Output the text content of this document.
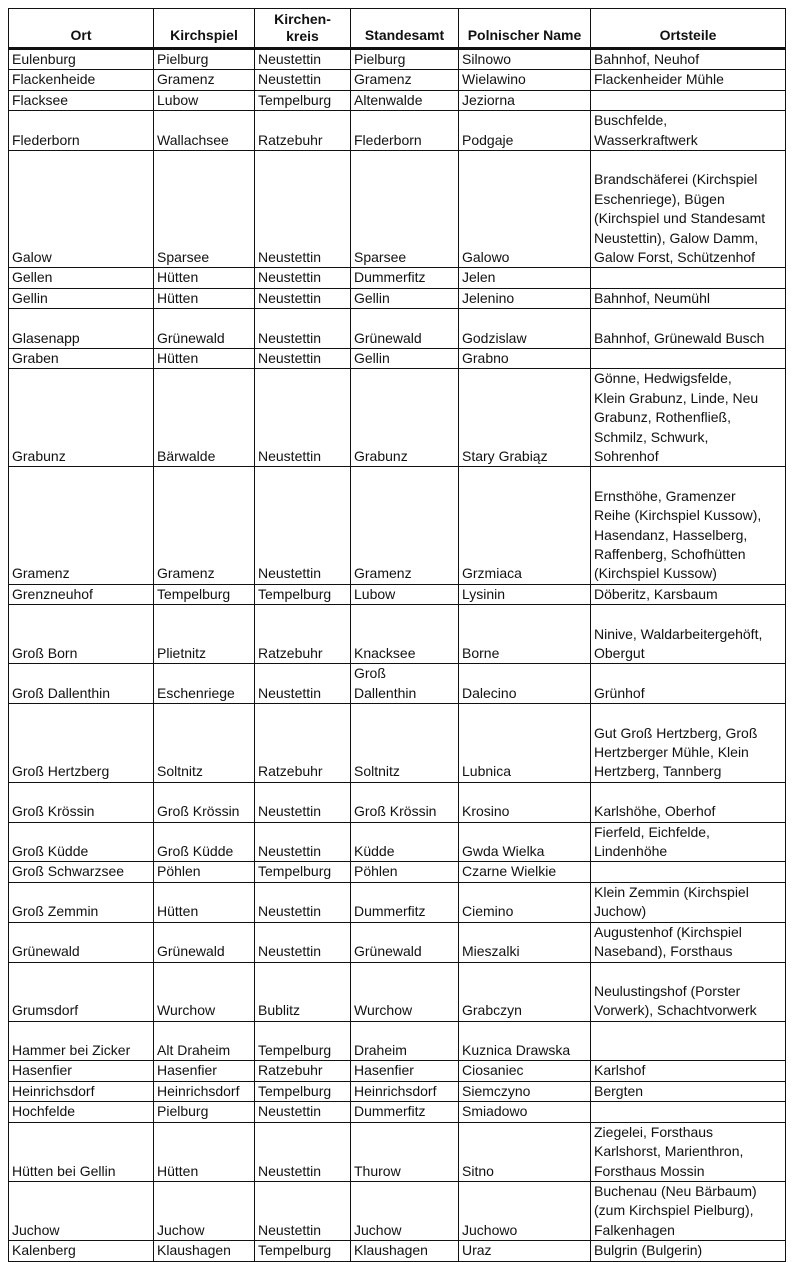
Ort	Kirchspiel	Kirchen-
kreis	Standesamt	Polnischer Name	Ortsteile
Eulenburg	Pielburg	Neustettin	Pielburg	Silnowo	Bahnhof, Neuhof
Flackenheide	Gramenz	Neustettin	Gramenz	Wielawino	Flackenheider Mühle
Flacksee	Lubow	Tempelburg	Altenwalde	Jeziorna	
Flederborn	Wallachsee	Ratzebuhr	Flederborn	Podgaje	Buschfelde,
Wasserkraftwerk
Galow	Sparsee	Neustettin	Sparsee	Galowo	Brandschäferei (Kirchspiel
Eschenriege), Bügen
(Kirchspiel und Standesamt
Neustettin), Galow Damm,
Galow Forst, Schützenhof
Gellen	Hütten	Neustettin	Dummerfitz	Jelen	
Gellin	Hütten	Neustettin	Gellin	Jelenino	Bahnhof, Neumühl
Glasenapp	Grünewald	Neustettin	Grünewald	Godzislaw	Bahnhof, Grünewald Busch
Graben	Hütten	Neustettin	Gellin	Grabno	
Grabunz	Bärwalde	Neustettin	Grabunz	Stary Grabiąz	Gönne, Hedwigsfelde,
Klein Grabunz, Linde, Neu
Grabunz, Rothenfließ,
Schmilz, Schwurk,
Sohrenhof
Gramenz	Gramenz	Neustettin	Gramenz	Grzmiaca	Ernsthöhe, Gramenzer
Reihe (Kirchspiel Kussow),
Hasendanz, Hasselberg,
Raffenberg, Schofhütten
(Kirchspiel Kussow)
Grenzneuhof	Tempelburg	Tempelburg	Lubow	Lysinin	Döberitz, Karsbaum
Groß Born	Plietnitz	Ratzebuhr	Knacksee	Borne	Ninive, Waldarbeitergehöft,
Obergut
Groß Dallenthin	Eschenriege	Neustettin	Groß
Dallenthin	Dalecino	Grünhof
Groß Hertzberg	Soltnitz	Ratzebuhr	Soltnitz	Lubnica	Gut Groß Hertzberg, Groß
Hertzberger Mühle, Klein
Hertzberg, Tannberg
Groß Krössin	Groß Krössin	Neustettin	Groß Krössin	Krosino	Karlshöhe, Oberhof
Groß Küdde	Groß Küdde	Neustettin	Küdde	Gwda Wielka	Fierfeld, Eichfelde,
Lindenhöhe
Groß Schwarzsee	Pöhlen	Tempelburg	Pöhlen	Czarne Wielkie	
Groß Zemmin	Hütten	Neustettin	Dummerfitz	Ciemino	Klein Zemmin (Kirchspiel
Juchow)
Grünewald	Grünewald	Neustettin	Grünewald	Mieszalki	Augustenhof (Kirchspiel
Naseband), Forsthaus
Grumsdorf	Wurchow	Bublitz	Wurchow	Grabczyn	Neulustingshof (Porster
Vorwerk), Schachtvorwerk
Hammer bei Zicker	Alt Draheim	Tempelburg	Draheim	Kuznica Drawska	
Hasenfier	Hasenfier	Ratzebuhr	Hasenfier	Ciosaniec	Karlshof
Heinrichsdorf	Heinrichsdorf	Tempelburg	Heinrichsdorf	Siemczyno	Bergten
Hochfelde	Pielburg	Neustettin	Dummerfitz	Smiadowo	
Hütten bei Gellin	Hütten	Neustettin	Thurow	Sitno	Ziegelei, Forsthaus
Karlshorst, Marienthron,
Forsthaus Mossin
Juchow	Juchow	Neustettin	Juchow	Juchowo	Buchenau (Neu Bärbaum)
(zum Kirchspiel Pielburg),
Falkenhagen
Kalenberg	Klaushagen	Tempelburg	Klaushagen	Uraz	Bulgrin (Bulgerin)
